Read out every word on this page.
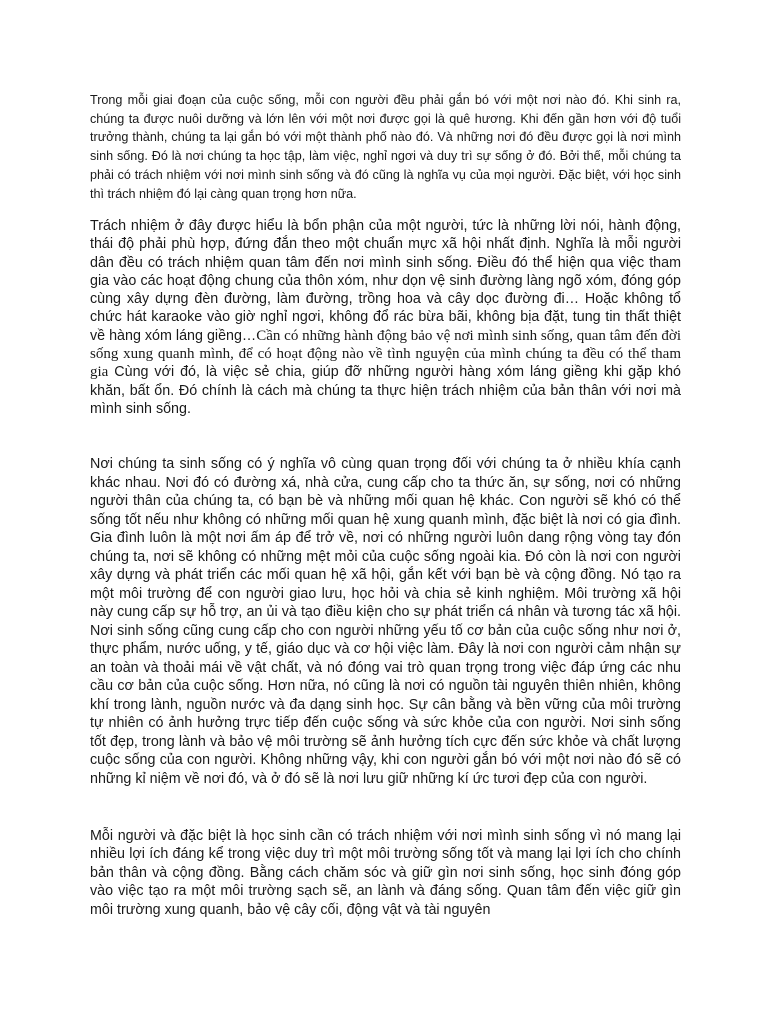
Trong mỗi giai đoạn của cuộc sống, mỗi con người đều phải gắn bó với một nơi nào đó. Khi sinh ra, chúng ta được nuôi dưỡng và lớn lên với một nơi được gọi là quê hương. Khi đến gần hơn với độ tuổi trưởng thành, chúng ta lại gắn bó với một thành phố nào đó. Và những nơi đó đều được gọi là nơi mình sinh sống. Đó là nơi chúng ta học tập, làm việc, nghỉ ngơi và duy trì sự sống ở đó. Bởi thế, mỗi chúng ta phải có trách nhiệm với nơi mình sinh sống và đó cũng là nghĩa vụ của mọi người. Đặc biệt, với học sinh thì trách nhiệm đó lại càng quan trọng hơn nữa.

Trách nhiệm ở đây được hiểu là bổn phận của một người, tức là những lời nói, hành động, thái độ phải phù hợp, đứng đắn theo một chuẩn mực xã hội nhất định. Nghĩa là mỗi người dân đều có trách nhiệm quan tâm đến nơi mình sinh sống. Điều đó thể hiện qua việc tham gia vào các hoạt động chung của thôn xóm, như dọn vệ sinh đường làng ngõ xóm, đóng góp cùng xây dựng đèn đường, làm đường, trồng hoa và cây dọc đường đi… Hoặc không tổ chức hát karaoke vào giờ nghỉ ngơi, không đổ rác bừa bãi, không bịa đặt, tung tin thất thiệt về hàng xóm láng giềng…Cần có những hành động bảo vệ nơi mình sinh sống, quan tâm đến đời sống xung quanh mình, để có hoạt động nào về tình nguyện của mình chúng ta đều có thể tham gia Cùng với đó, là việc sẻ chia, giúp đỡ những người hàng xóm láng giềng khi gặp khó khăn, bất ổn. Đó chính là cách mà chúng ta thực hiện trách nhiệm của bản thân với nơi mà mình sinh sống.

Nơi chúng ta sinh sống có ý nghĩa vô cùng quan trọng đối với chúng ta ở nhiều khía cạnh khác nhau. Nơi đó có đường xá, nhà cửa, cung cấp cho ta thức ăn, sự sống, nơi có những người thân của chúng ta, có bạn bè và những mối quan hệ khác. Con người sẽ khó có thể sống tốt nếu như không có những mối quan hệ xung quanh mình, đặc biệt là nơi có gia đình. Gia đình luôn là một nơi ấm áp để trở về, nơi có những người luôn dang rộng vòng tay đón chúng ta, nơi sẽ không có những mệt mỏi của cuộc sống ngoài kia. Đó còn là nơi con người xây dựng và phát triển các mối quan hệ xã hội, gắn kết với bạn bè và cộng đồng. Nó tạo ra một môi trường để con người giao lưu, học hỏi và chia sẻ kinh nghiệm. Môi trường xã hội này cung cấp sự hỗ trợ, an ủi và tạo điều kiện cho sự phát triển cá nhân và tương tác xã hội. Nơi sinh sống cũng cung cấp cho con người những yếu tố cơ bản của cuộc sống như nơi ở, thực phẩm, nước uống, y tế, giáo dục và cơ hội việc làm. Đây là nơi con người cảm nhận sự an toàn và thoải mái về vật chất, và nó đóng vai trò quan trọng trong việc đáp ứng các nhu cầu cơ bản của cuộc sống. Hơn nữa, nó cũng là nơi có nguồn tài nguyên thiên nhiên, không khí trong lành, nguồn nước và đa dạng sinh học. Sự cân bằng và bền vững của môi trường tự nhiên có ảnh hưởng trực tiếp đến cuộc sống và sức khỏe của con người. Nơi sinh sống tốt đẹp, trong lành và bảo vệ môi trường sẽ ảnh hưởng tích cực đến sức khỏe và chất lượng cuộc sống của con người. Không những vậy, khi con người gắn bó với một nơi nào đó sẽ có những kỉ niệm về nơi đó, và ở đó sẽ là nơi lưu giữ những kí ức tươi đẹp của con người.

Mỗi người và đặc biệt là học sinh cần có trách nhiệm với nơi mình sinh sống vì nó mang lại nhiều lợi ích đáng kể trong việc duy trì một môi trường sống tốt và mang lại lợi ích cho chính bản thân và cộng đồng. Bằng cách chăm sóc và giữ gìn nơi sinh sống, học sinh đóng góp vào việc tạo ra một môi trường sạch sẽ, an lành và đáng sống. Quan tâm đến việc giữ gìn môi trường xung quanh, bảo vệ cây cối, động vật và tài nguyên
